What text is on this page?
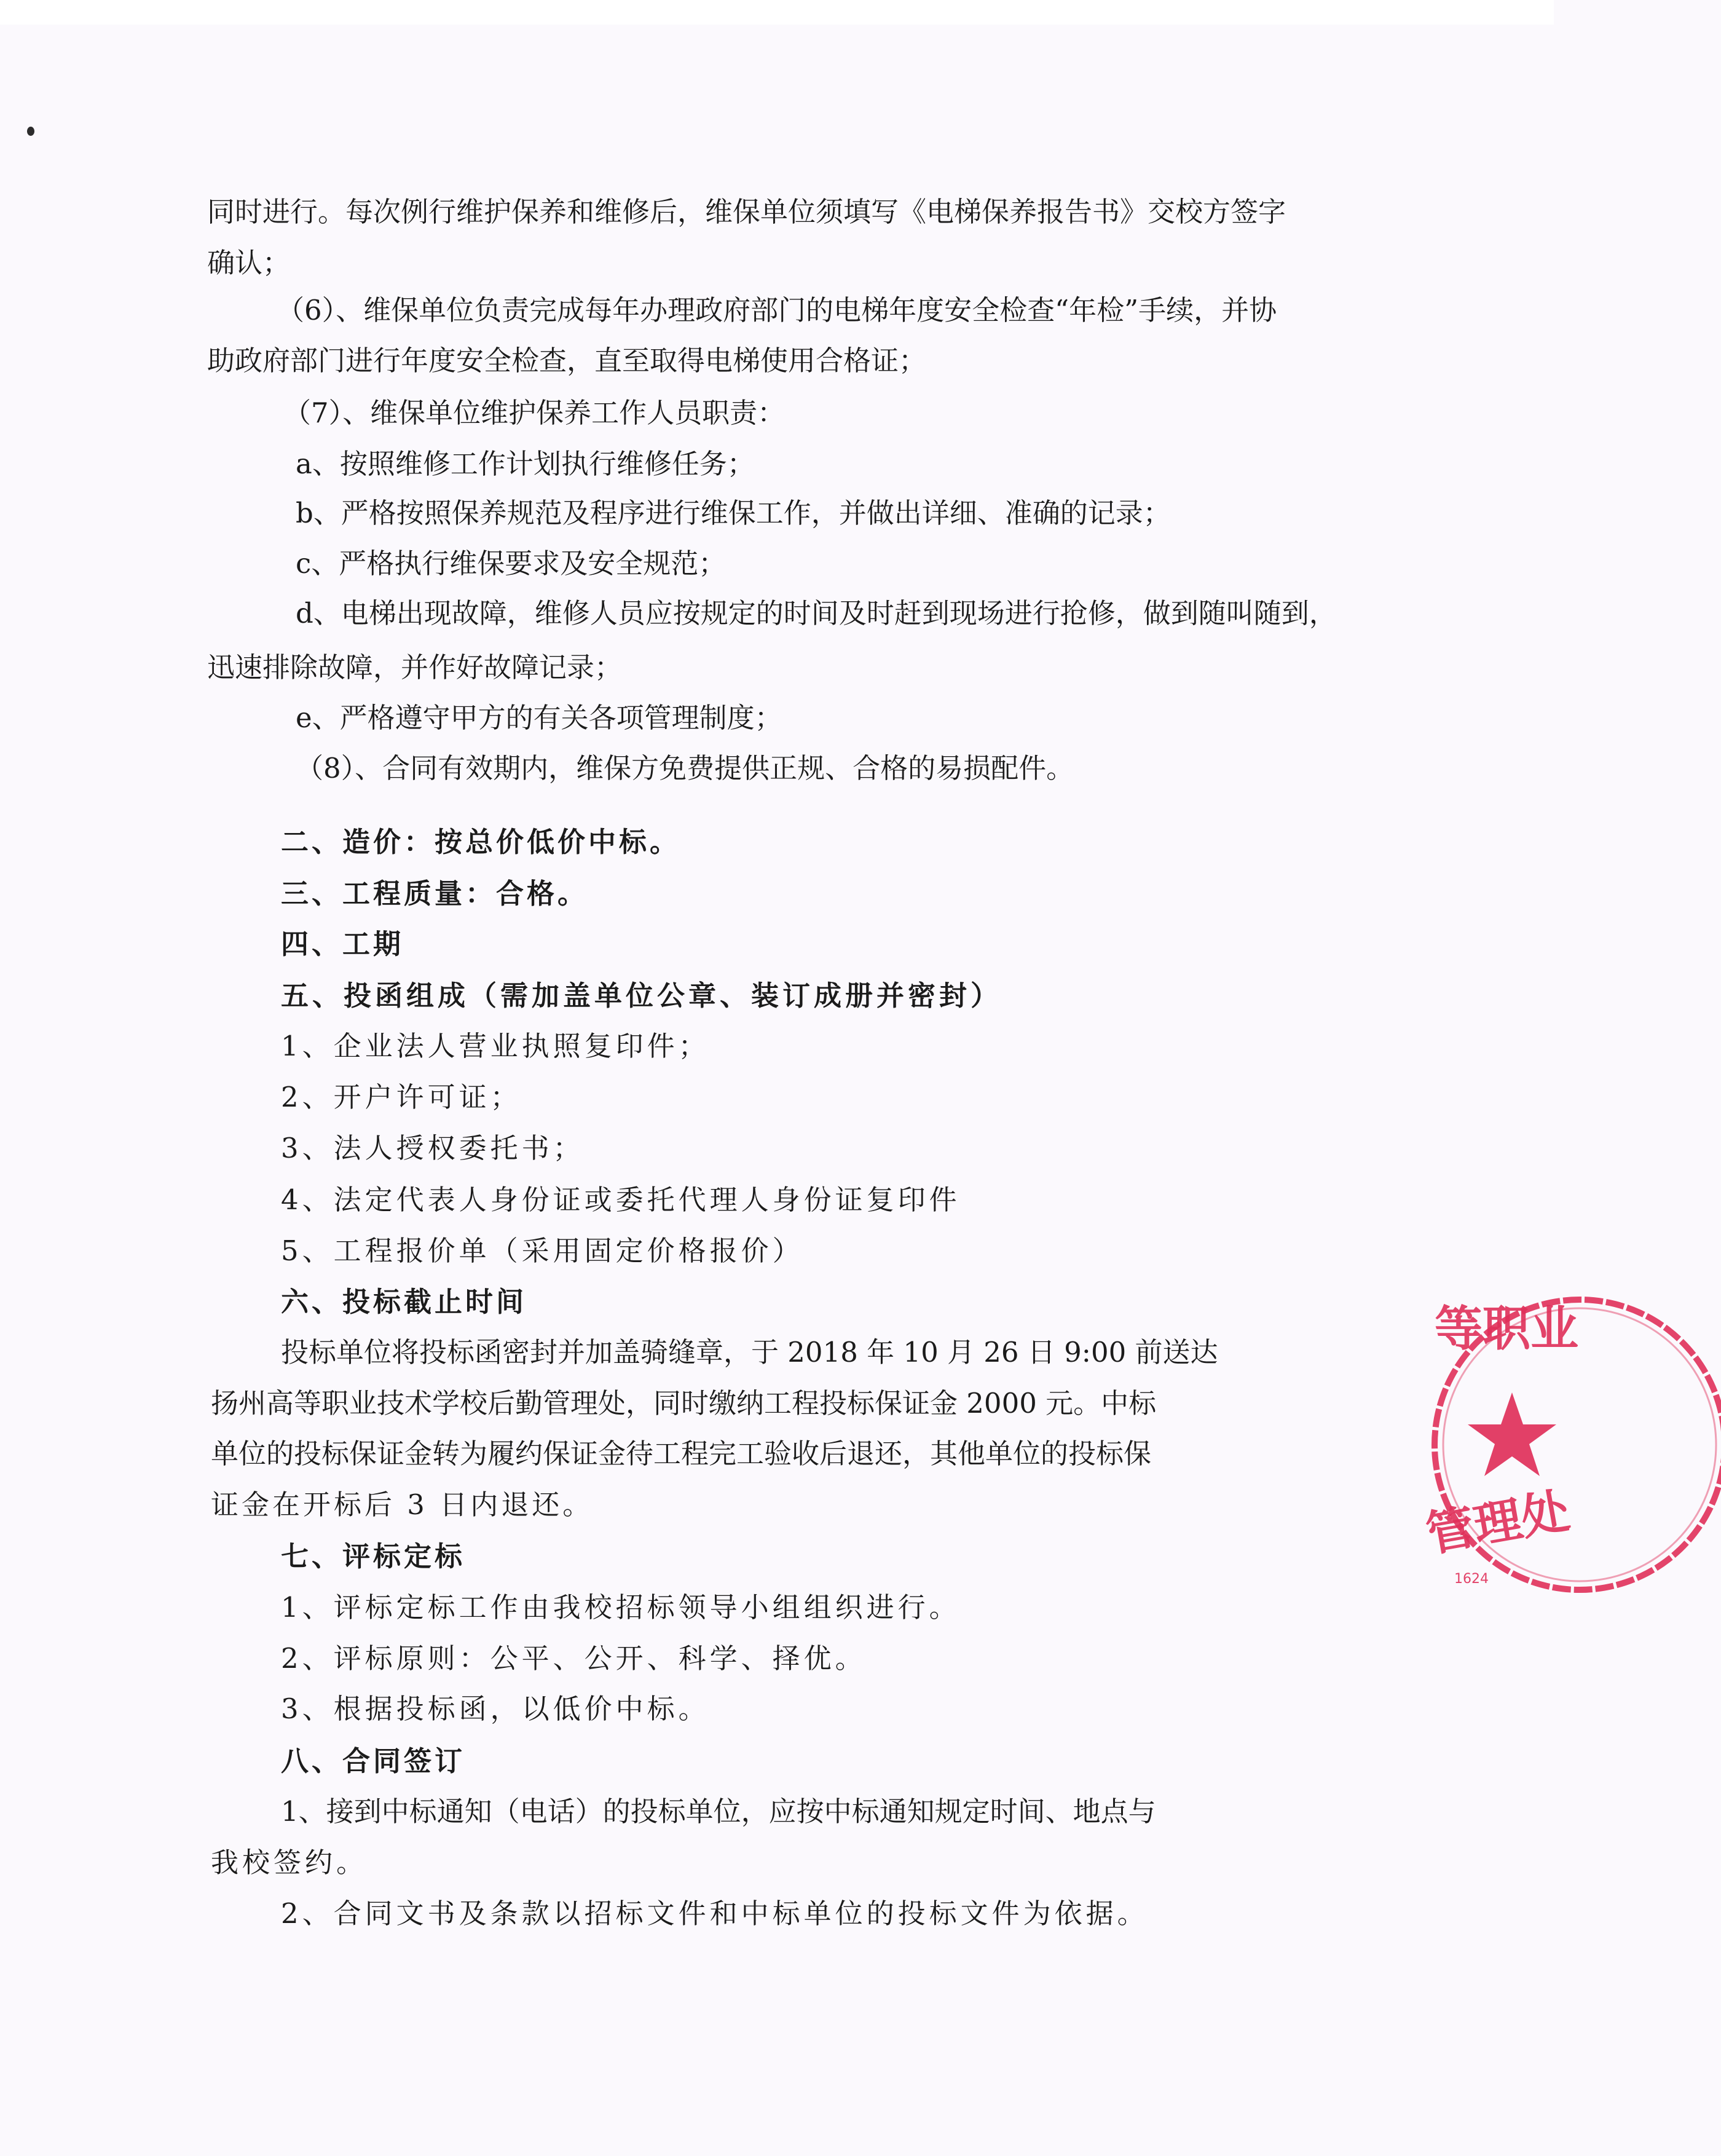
同时进行。每次例行维护保养和维修后，维保单位须填写《电梯保养报告书》交校方签字
确认；
（6）、维保单位负责完成每年办理政府部门的电梯年度安全检查“年检”手续，并协
助政府部门进行年度安全检查，直至取得电梯使用合格证；
（7）、维保单位维护保养工作人员职责：
a、按照维修工作计划执行维修任务；
b、严格按照保养规范及程序进行维保工作，并做出详细、准确的记录；
c、严格执行维保要求及安全规范；
d、电梯出现故障，维修人员应按规定的时间及时赶到现场进行抢修，做到随叫随到，
迅速排除故障，并作好故障记录；
e、严格遵守甲方的有关各项管理制度；
（8）、合同有效期内，维保方免费提供正规、合格的易损配件。
二、造价：按总价低价中标。
三、工程质量：合格。
四、工期
五、投函组成（需加盖单位公章、装订成册并密封）
1、企业法人营业执照复印件；
2、开户许可证；
3、法人授权委托书；
4、法定代表人身份证或委托代理人身份证复印件
5、工程报价单（采用固定价格报价）
六、投标截止时间
投标单位将投标函密封并加盖骑缝章，于 2018 年 10 月 26 日 9:00 前送达
扬州高等职业技术学校后勤管理处，同时缴纳工程投标保证金 2000 元。中标
单位的投标保证金转为履约保证金待工程完工验收后退还，其他单位的投标保
证金在开标后 3 日内退还。
七、评标定标
1、评标定标工作由我校招标领导小组组织进行。
2、评标原则：公平、公开、科学、择优。
3、根据投标函，以低价中标。
八、合同签订
1、接到中标通知（电话）的投标单位，应按中标通知规定时间、地点与
我校签约。
2、合同文书及条款以招标文件和中标单位的投标文件为依据。
等职业
管理处
1624
